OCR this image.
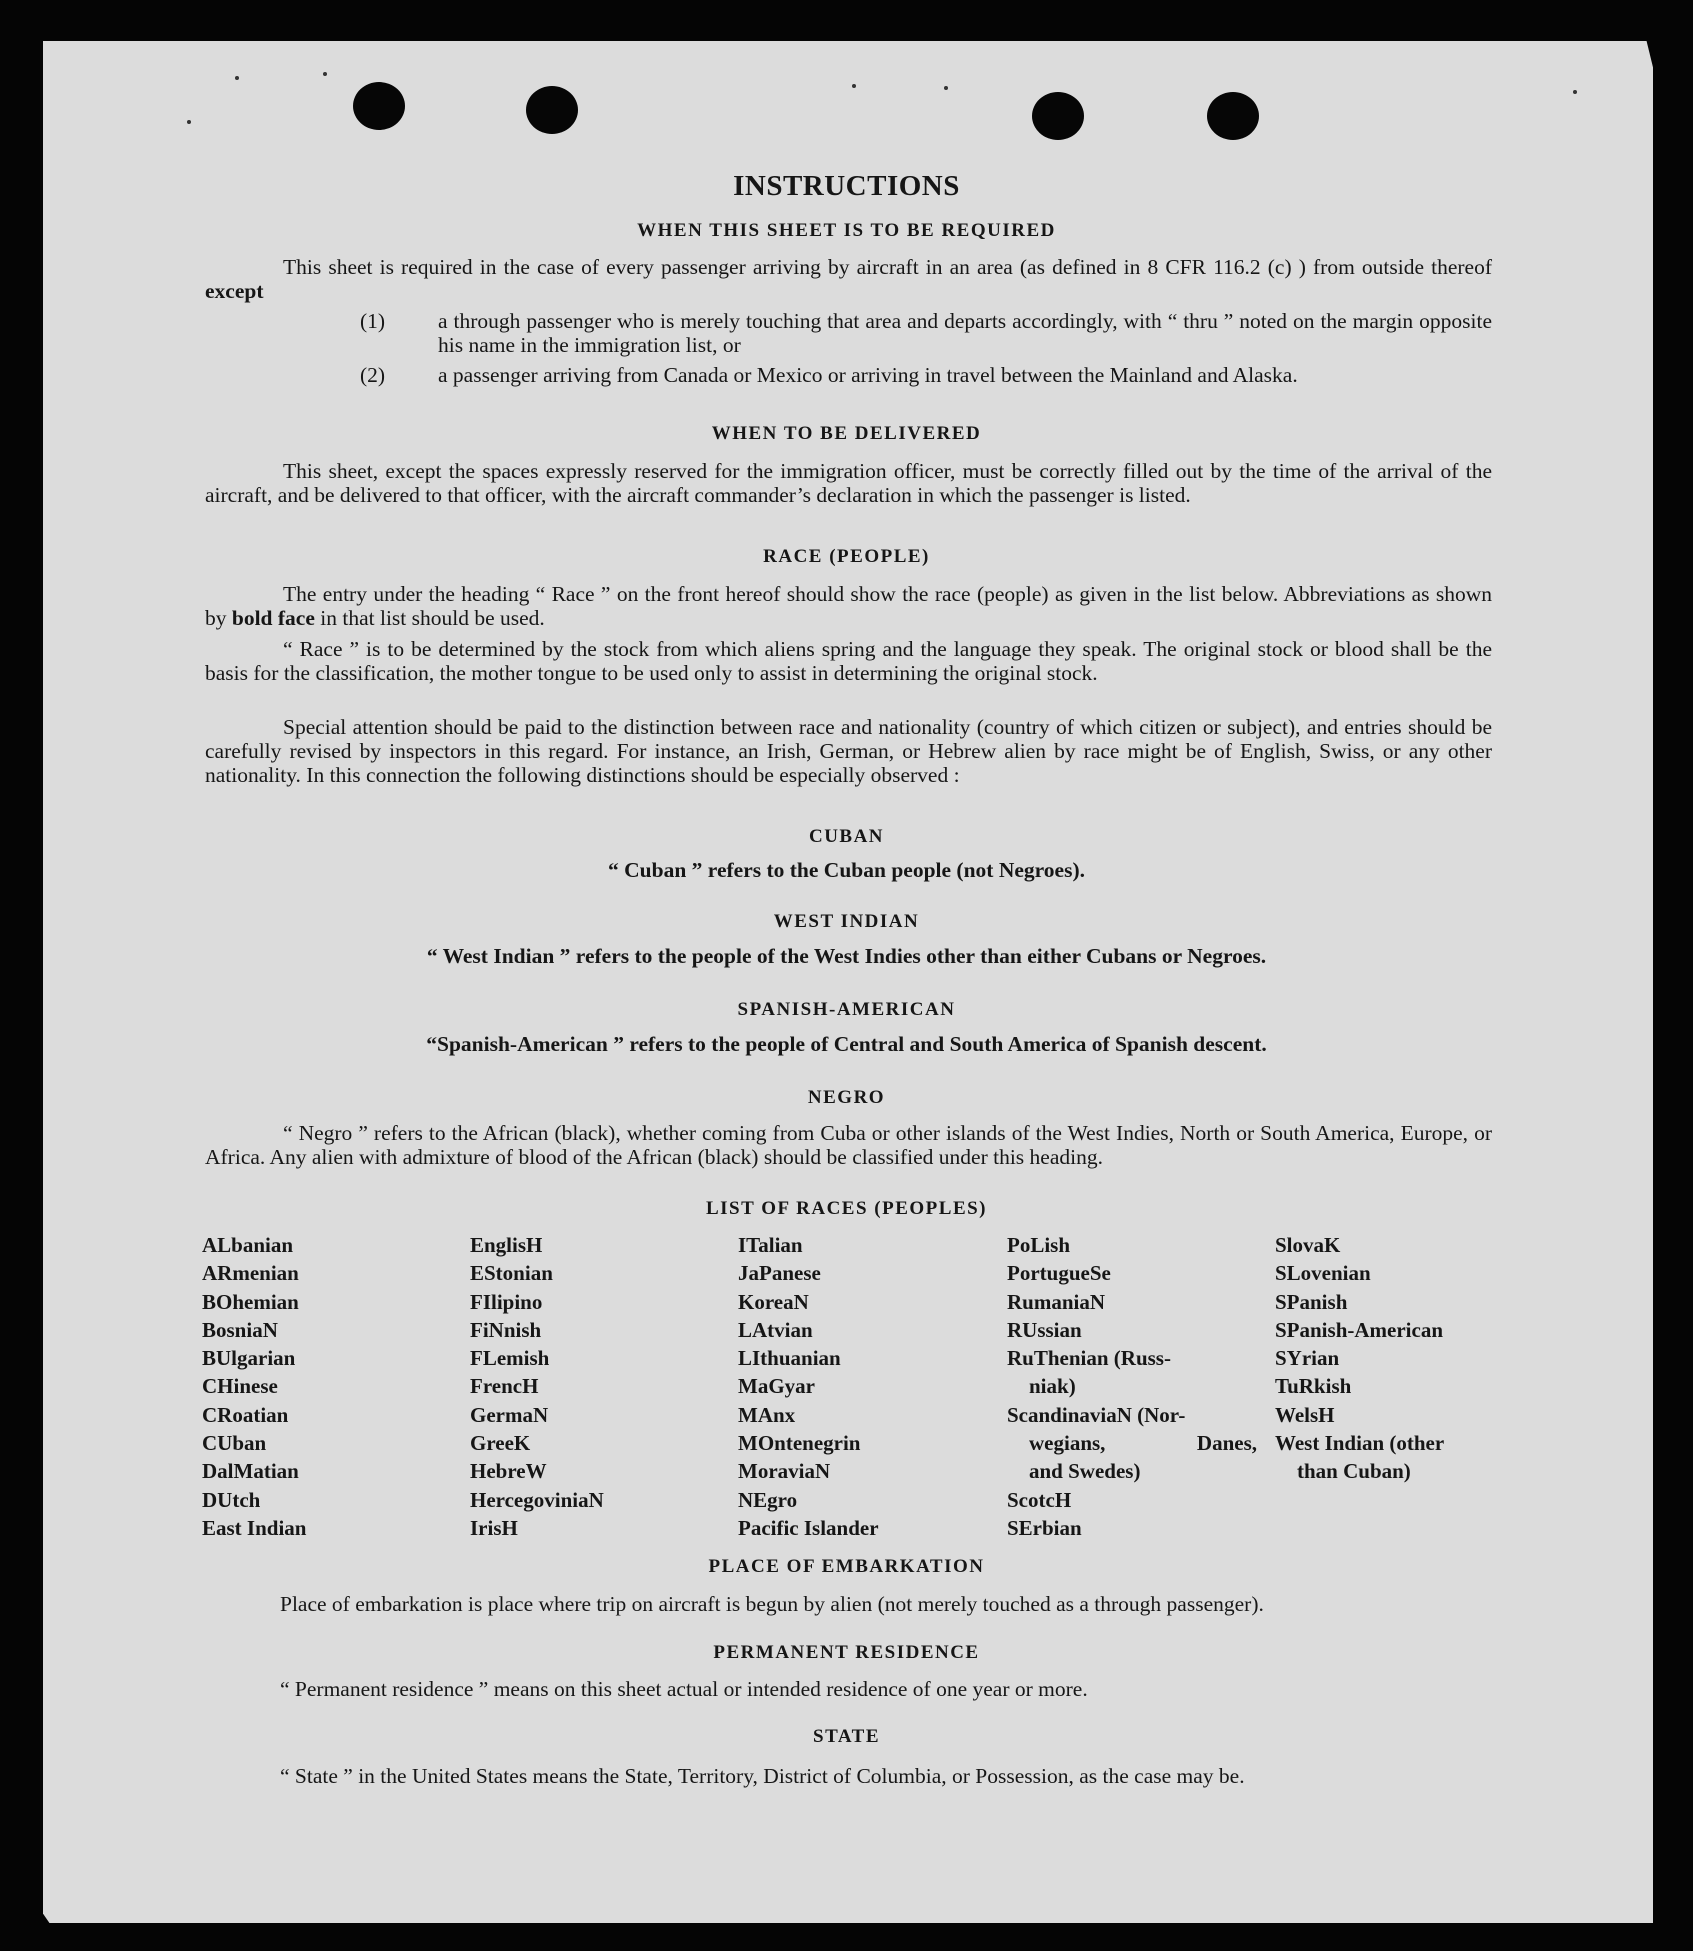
INSTRUCTIONS
WHEN THIS SHEET IS TO BE REQUIRED

This sheet is required in the case of every passenger arriving by aircraft in an area (as defined in 8 CFR 116.2 (c) ) from outside thereof except

(1) a through passenger who is merely touching that area and departs accordingly, with “ thru ” noted on the margin opposite his name in the immigration list, or
(2) a passenger arriving from Canada or Mexico or arriving in travel between the Mainland and Alaska.
WHEN TO BE DELIVERED

This sheet, except the spaces expressly reserved for the immigration officer, must be correctly filled out by the time of the arrival of the aircraft, and be delivered to that officer, with the aircraft commander’s declaration in which the passenger is listed.

RACE (PEOPLE)

The entry under the heading “ Race ” on the front hereof should show the race (people) as given in the list below. Abbreviations as shown by bold face in that list should be used.

“ Race ” is to be determined by the stock from which aliens spring and the language they speak. The original stock or blood shall be the basis for the classification, the mother tongue to be used only to assist in determining the original stock.

Special attention should be paid to the distinction between race and nationality (country of which citizen or subject), and entries should be carefully revised by inspectors in this regard. For instance, an Irish, German, or Hebrew alien by race might be of English, Swiss, or any other nationality. In this connection the following distinctions should be especially observed :

CUBAN
“ Cuban ” refers to the Cuban people (not Negroes).
WEST INDIAN
“ West Indian ” refers to the people of the West Indies other than either Cubans or Negroes.
SPANISH-AMERICAN
“Spanish-American ” refers to the people of Central and South America of Spanish descent.
NEGRO

“ Negro ” refers to the African (black), whether coming from Cuba or other islands of the West Indies, North or South America, Europe, or Africa. Any alien with admixture of blood of the African (black) should be classified under this heading.

LIST OF RACES (PEOPLES)
ALbanian
ARmenian
BOhemian
BosniaN
BUlgarian
CHinese
CRoatian
CUban
DalMatian
DUtch
East Indian
EnglisH
EStonian
FIlipino
FiNnish
FLemish
FrencH
GermaN
GreeK
HebreW
HercegoviniaN
IrisH
ITalian
JaPanese
KoreaN
LAtvian
LIthuanian
MaGyar
MAnx
MOntenegrin
MoraviaN
NEgro
Pacific Islander
PoLish
PortugueSe
RumaniaN
RUssian
RuThenian (Russ-
niak)
ScandinaviaN (Nor-
wegians,	Danes,
and Swedes)
ScotcH
SErbian
SlovaK
SLovenian
SPanish
SPanish-American
SYrian
TuRkish
WelsH
West Indian (other
than Cuban)
PLACE OF EMBARKATION

Place of embarkation is place where trip on aircraft is begun by alien (not merely touched as a through passenger).

PERMANENT RESIDENCE

“ Permanent residence ” means on this sheet actual or intended residence of one year or more.

STATE

“ State ” in the United States means the State, Territory, District of Columbia, or Possession, as the case may be.
